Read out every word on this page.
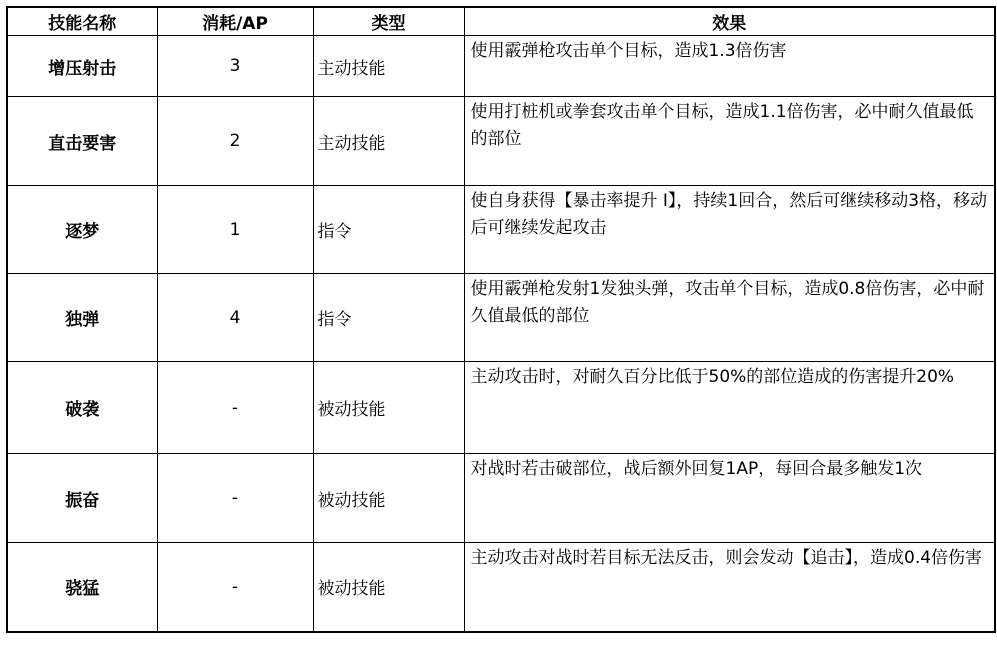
技能名称	消耗/AP	类型	效果
增压射击	3	主动技能	使用霰弹枪攻击单个目标，造成1.3倍伤害
直击要害	2	主动技能	使用打桩机或拳套攻击单个目标，造成1.1倍伤害，必中耐久值最低的部位
逐梦	1	指令	使自身获得【暴击率提升 I】，持续1回合，然后可继续移动3格，移动后可继续发起攻击
独弹	4	指令	使用霰弹枪发射1发独头弹，攻击单个目标，造成0.8倍伤害，必中耐久值最低的部位
破袭	-	被动技能	主动攻击时，对耐久百分比低于50%的部位造成的伤害提升20%
振奋	-	被动技能	对战时若击破部位，战后额外回复1AP，每回合最多触发1次
骁猛	-	被动技能	主动攻击对战时若目标无法反击，则会发动【追击】，造成0.4倍伤害
